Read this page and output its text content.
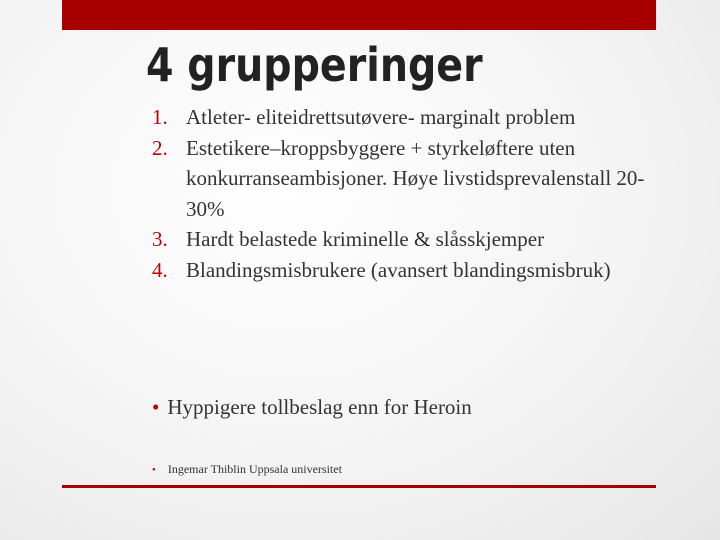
4 grupperinger
1. Atleter- eliteidrettsutøvere- marginalt problem
2. Estetikere–kroppsbyggere + styrkeløftere uten konkurranseambisjoner. Høye livstidsprevalenstall 20-30%
3. Hardt belastede kriminelle & slåsskjemper
4. Blandingsmisbrukere (avansert blandingsmisbruk)
• Hyppigere tollbeslag enn for Heroin
• Ingemar Thiblin Uppsala universitet
